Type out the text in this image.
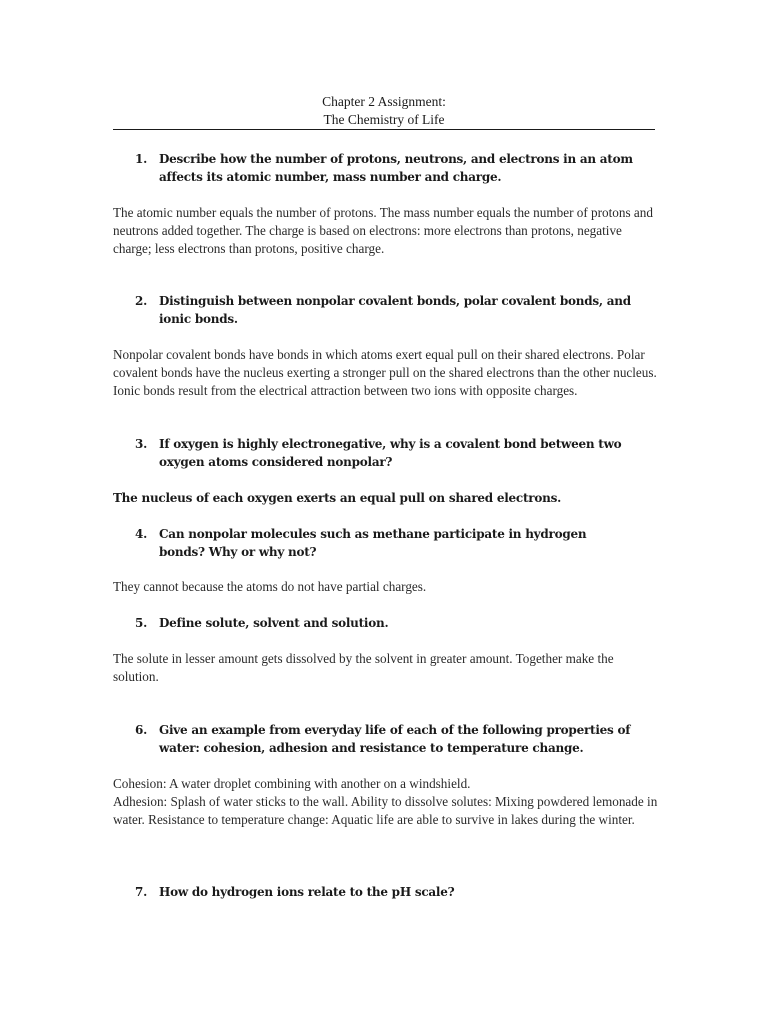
Chapter 2 Assignment:
The Chemistry of Life
1. Describe how the number of protons, neutrons, and electrons in an atom affects its atomic number, mass number and charge.
The atomic number equals the number of protons. The mass number equals the number of protons and neutrons added together. The charge is based on electrons: more electrons than protons, negative charge; less electrons than protons, positive charge.
2. Distinguish between nonpolar covalent bonds, polar covalent bonds, and ionic bonds.
Nonpolar covalent bonds have bonds in which atoms exert equal pull on their shared electrons. Polar covalent bonds have the nucleus exerting a stronger pull on the shared electrons than the other nucleus. Ionic bonds result from the electrical attraction between two ions with opposite charges.
3. If oxygen is highly electronegative, why is a covalent bond between two oxygen atoms considered nonpolar?
The nucleus of each oxygen exerts an equal pull on shared electrons.
4. Can nonpolar molecules such as methane participate in hydrogen bonds? Why or why not?
They cannot because the atoms do not have partial charges.
5. Define solute, solvent and solution.
The solute in lesser amount gets dissolved by the solvent in greater amount. Together make the solution.
6. Give an example from everyday life of each of the following properties of water: cohesion, adhesion and resistance to temperature change.
Cohesion: A water droplet combining with another on a windshield.
Adhesion: Splash of water sticks to the wall. Ability to dissolve solutes: Mixing powdered lemonade in water. Resistance to temperature change: Aquatic life are able to survive in lakes during the winter.
7. How do hydrogen ions relate to the pH scale?
